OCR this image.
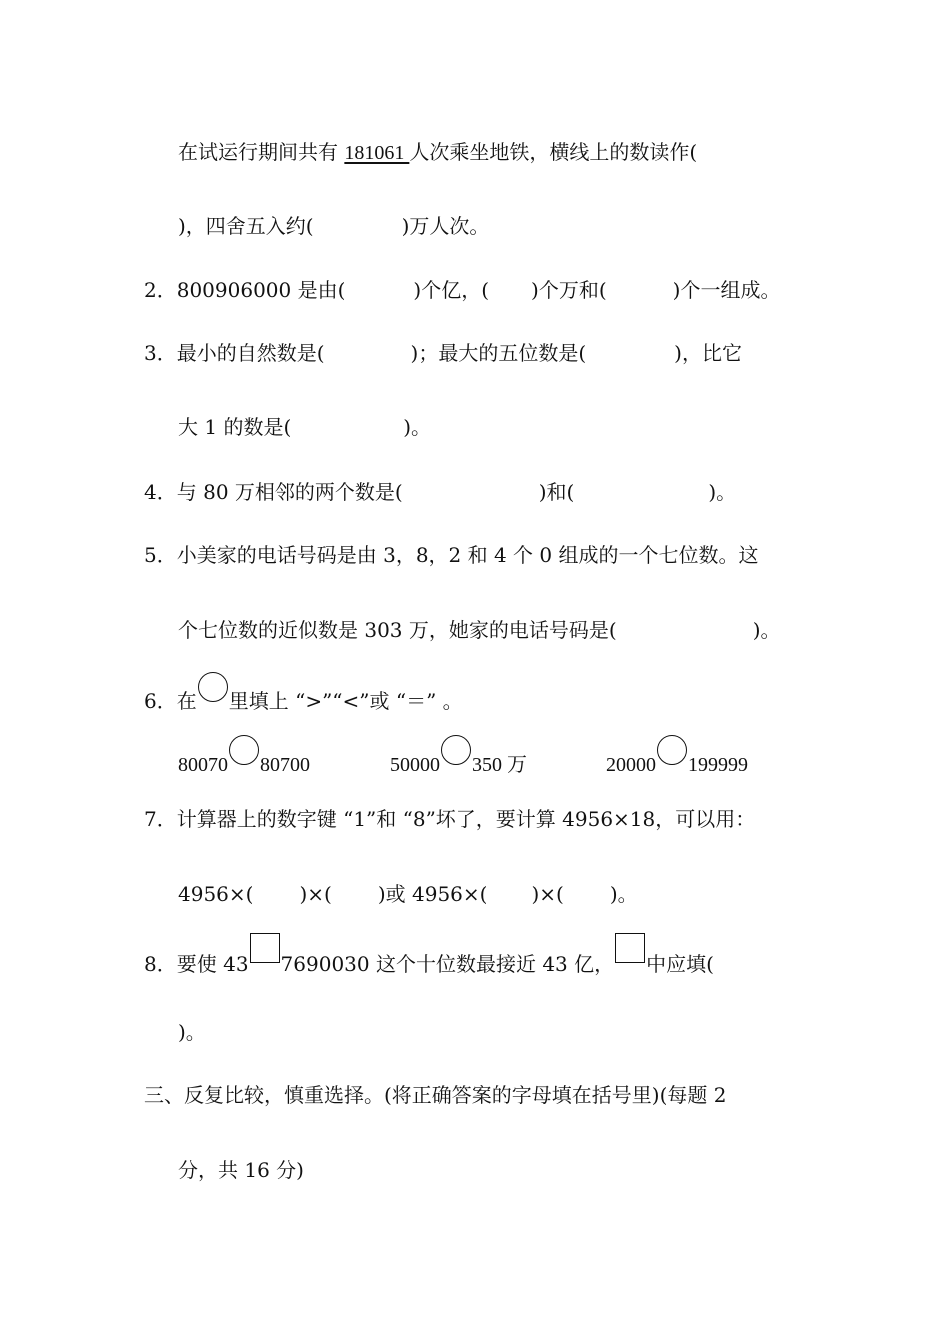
在试运行期间共有 181061 人次乘坐地铁，横线上的数读作(
)，四舍五入约(	)万人次。
2．800906000 是由(	)个亿，( )个万和(	)个一组成。
3．最小的自然数是(	)；最大的五位数是(	)，比它
大 1 的数是(	)。
4．与 80 万相邻的两个数是(	)和(	)。
5．小美家的电话号码是由 3，8，2 和 4 个 0 组成的一个七位数。这
个七位数的近似数是 303 万，她家的电话号码是(	)。
6．在 里填上 “>”“<”或 “＝” 。
80070 80700	50000 350 万	20000 199999
7．计算器上的数字键 “1”和 “8”坏了，要计算 4956×18，可以用：
4956×( )×( )或 4956×( )×( )。
8．要使 43 7690030 这个十位数最接近 43 亿， 中应填(
)。
三、反复比较，慎重选择。(将正确答案的字母填在括号里)(每题 2
分，共 16 分)
